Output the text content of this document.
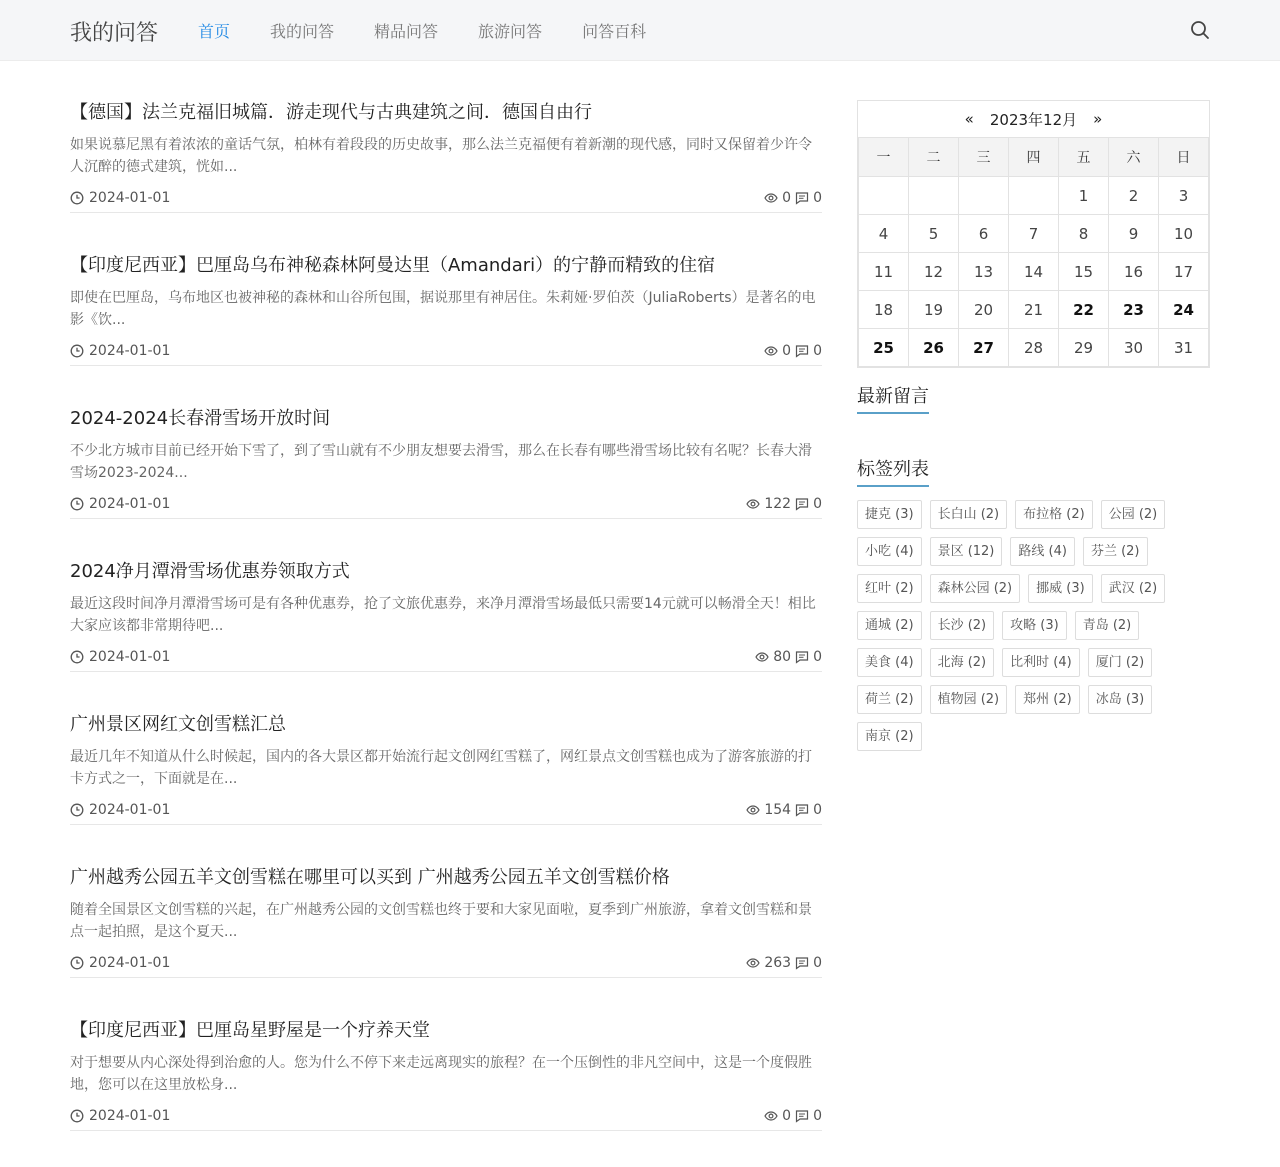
我的问答 首页	我的问答	精品问答	旅游问答	问答百科
【德国】法兰克福旧城篇．游走现代与古典建筑之间．德国自由行
如果说慕尼黑有着浓浓的童话气氛，柏林有着段段的历史故事，那么法兰克福便有着新潮的现代感，同时又保留着少许令人沉醉的德式建筑，恍如...
2024-01-01	0 0
【印度尼西亚】巴厘岛乌布神秘森林阿曼达里（Amandari）的宁静而精致的住宿
即使在巴厘岛，乌布地区也被神秘的森林和山谷所包围，据说那里有神居住。朱莉娅·罗伯茨（JuliaRoberts）是著名的电影《饮...
2024-01-01	0 0
2024-2024长春滑雪场开放时间
不少北方城市目前已经开始下雪了，到了雪山就有不少朋友想要去滑雪，那么在长春有哪些滑雪场比较有名呢？长春大滑雪场2023-2024...
2024-01-01	122 0
2024净月潭滑雪场优惠券领取方式
最近这段时间净月潭滑雪场可是有各种优惠券，抢了文旅优惠券，来净月潭滑雪场最低只需要14元就可以畅滑全天！相比大家应该都非常期待吧...
2024-01-01	80 0
广州景区网红文创雪糕汇总
最近几年不知道从什么时候起，国内的各大景区都开始流行起文创网红雪糕了，网红景点文创雪糕也成为了游客旅游的打卡方式之一，下面就是在...
2024-01-01	154 0
广州越秀公园五羊文创雪糕在哪里可以买到 广州越秀公园五羊文创雪糕价格
随着全国景区文创雪糕的兴起，在广州越秀公园的文创雪糕也终于要和大家见面啦，夏季到广州旅游，拿着文创雪糕和景点一起拍照，是这个夏天...
2024-01-01	263 0
【印度尼西亚】巴厘岛星野屋是一个疗养天堂
对于想要从内心深处得到治愈的人。您为什么不停下来走远离现实的旅程？在一个压倒性的非凡空间中，这是一个度假胜地，您可以在这里放松身...
2024-01-01	0 0
« 2023年12月 »
一	二	三	四	五	六	日
				1	2	3
4	5	6	7	8	9	10
11	12	13	14	15	16	17
18	19	20	21	22	23	24
25	26	27	28	29	30	31
最新留言
标签列表
捷克 (3)	长白山 (2)	布拉格 (2)	公园 (2)
小吃 (4)	景区 (12)	路线 (4)	芬兰 (2)
红叶 (2)	森林公园 (2)	挪威 (3)	武汉 (2)
通城 (2)	长沙 (2)	攻略 (3)	青岛 (2)
美食 (4)	北海 (2)	比利时 (4)	厦门 (2)
荷兰 (2)	植物园 (2)	郑州 (2)	冰岛 (3)
南京 (2)
